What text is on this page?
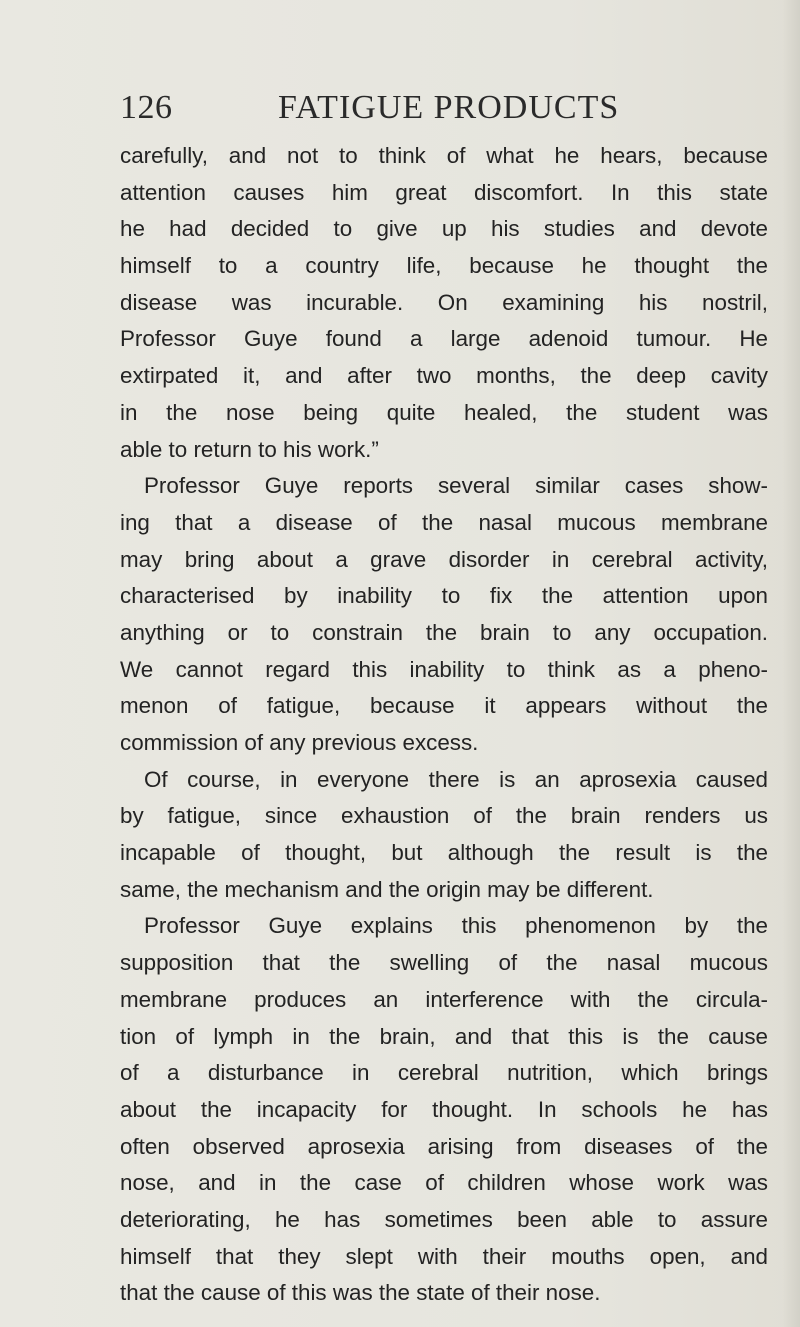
126	FATIGUE PRODUCTS
carefully, and not to think of what he hears, because
attention causes him great discomfort. In this state
he had decided to give up his studies and devote
himself to a country life, because he thought the
disease was incurable. On examining his nostril,
Professor Guye found a large adenoid tumour. He
extirpated it, and after two months, the deep cavity
in the nose being quite healed, the student was
able to return to his work.”
Professor Guye reports several similar cases show-
ing that a disease of the nasal mucous membrane
may bring about a grave disorder in cerebral activity,
characterised by inability to fix the attention upon
anything or to constrain the brain to any occupation.
We cannot regard this inability to think as a pheno-
menon of fatigue, because it appears without the
commission of any previous excess.
Of course, in everyone there is an aprosexia caused
by fatigue, since exhaustion of the brain renders us
incapable of thought, but although the result is the
same, the mechanism and the origin may be different.
Professor Guye explains this phenomenon by the
supposition that the swelling of the nasal mucous
membrane produces an interference with the circula-
tion of lymph in the brain, and that this is the cause
of a disturbance in cerebral nutrition, which brings
about the incapacity for thought. In schools he has
often observed aprosexia arising from diseases of the
nose, and in the case of children whose work was
deteriorating, he has sometimes been able to assure
himself that they slept with their mouths open, and
that the cause of this was the state of their nose.
